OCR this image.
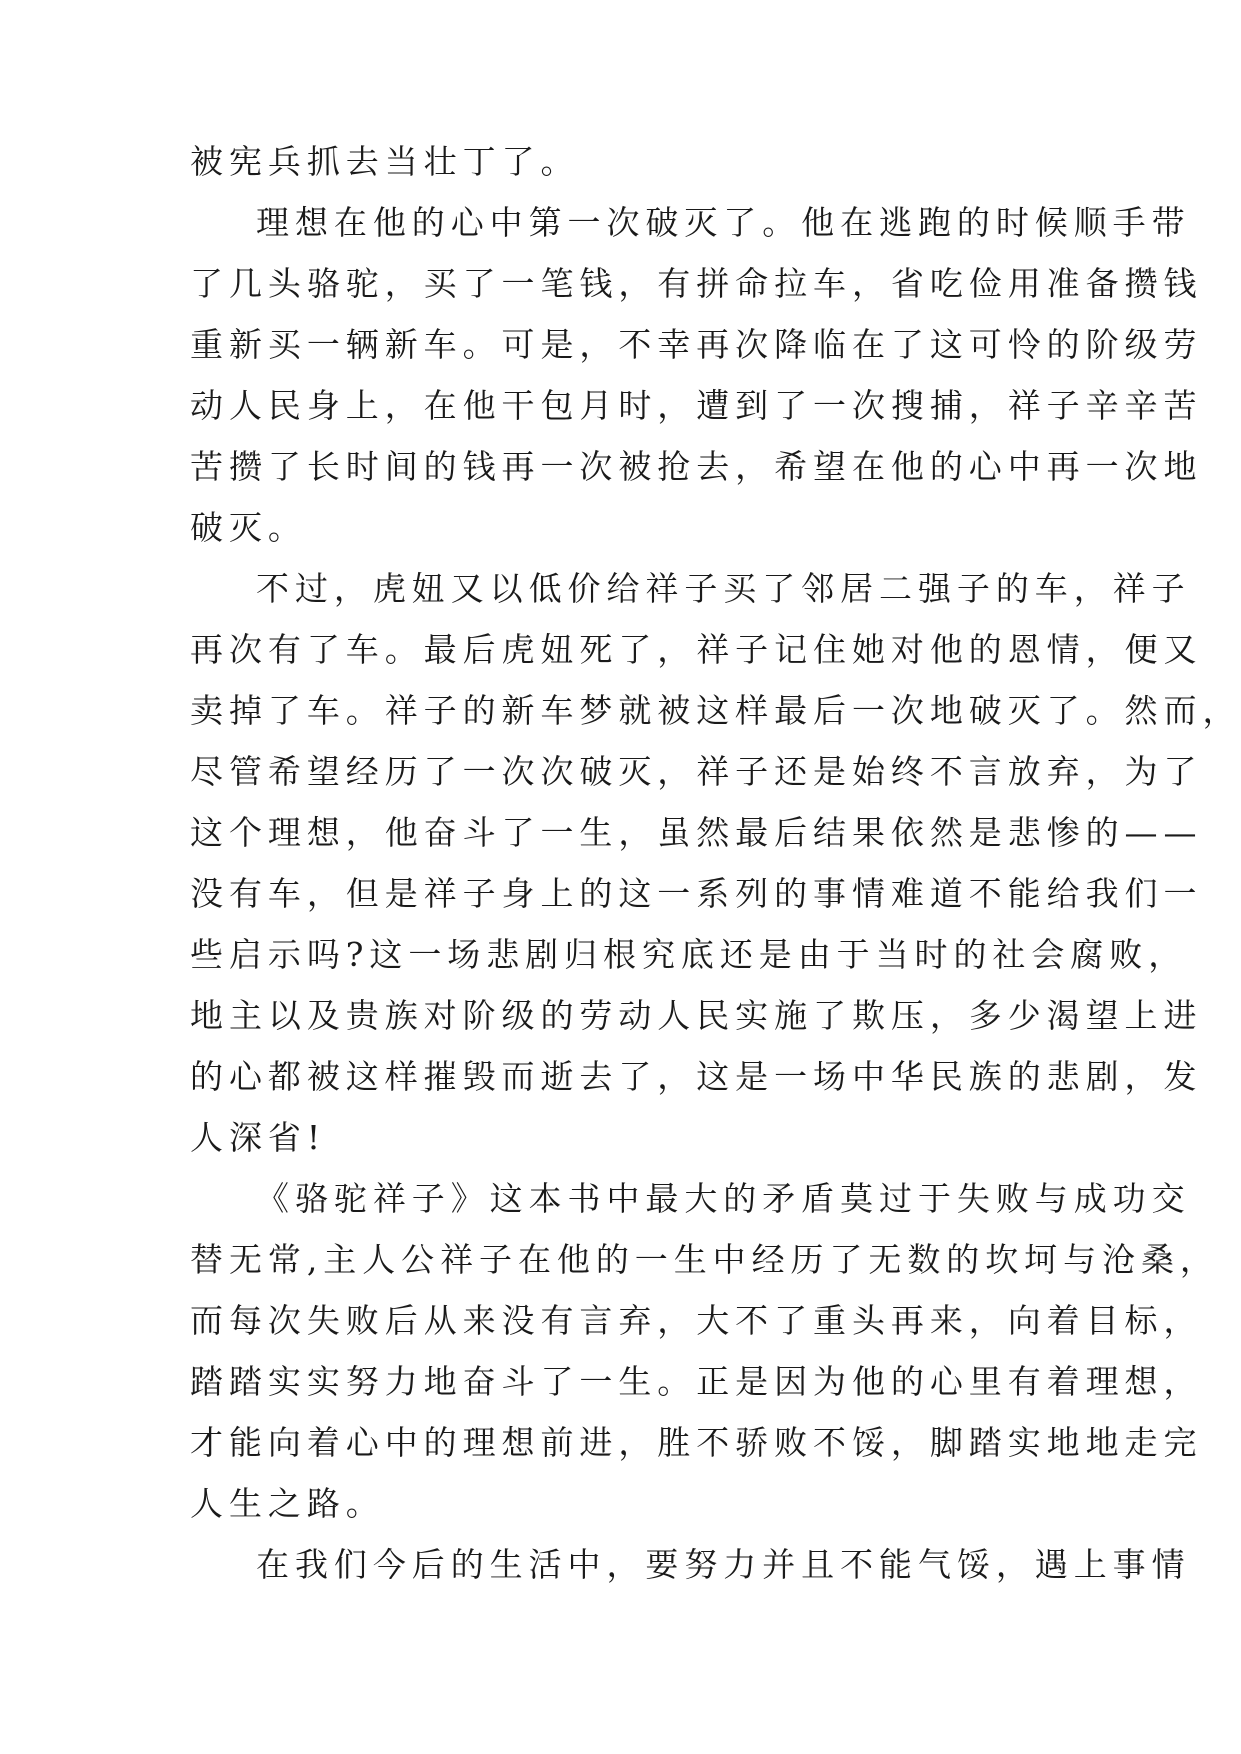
被宪兵抓去当壮丁了。
理想在他的心中第一次破灭了。他在逃跑的时候顺手带
了几头骆驼，买了一笔钱，有拼命拉车，省吃俭用准备攒钱
重新买一辆新车。可是，不幸再次降临在了这可怜的阶级劳
动人民身上，在他干包月时，遭到了一次搜捕，祥子辛辛苦
苦攒了长时间的钱再一次被抢去，希望在他的心中再一次地
破灭。
不过，虎妞又以低价给祥子买了邻居二强子的车，祥子
再次有了车。最后虎妞死了，祥子记住她对他的恩情，便又
卖掉了车。祥子的新车梦就被这样最后一次地破灭了。然而，
尽管希望经历了一次次破灭，祥子还是始终不言放弃，为了
这个理想，他奋斗了一生，虽然最后结果依然是悲惨的——
没有车，但是祥子身上的这一系列的事情难道不能给我们一
些启示吗?这一场悲剧归根究底还是由于当时的社会腐败，
地主以及贵族对阶级的劳动人民实施了欺压，多少渴望上进
的心都被这样摧毁而逝去了，这是一场中华民族的悲剧，发
人深省!
《骆驼祥子》这本书中最大的矛盾莫过于失败与成功交
替无常,主人公祥子在他的一生中经历了无数的坎坷与沧桑，
而每次失败后从来没有言弃，大不了重头再来，向着目标，
踏踏实实努力地奋斗了一生。正是因为他的心里有着理想，
才能向着心中的理想前进，胜不骄败不馁，脚踏实地地走完
人生之路。
在我们今后的生活中，要努力并且不能气馁，遇上事情
